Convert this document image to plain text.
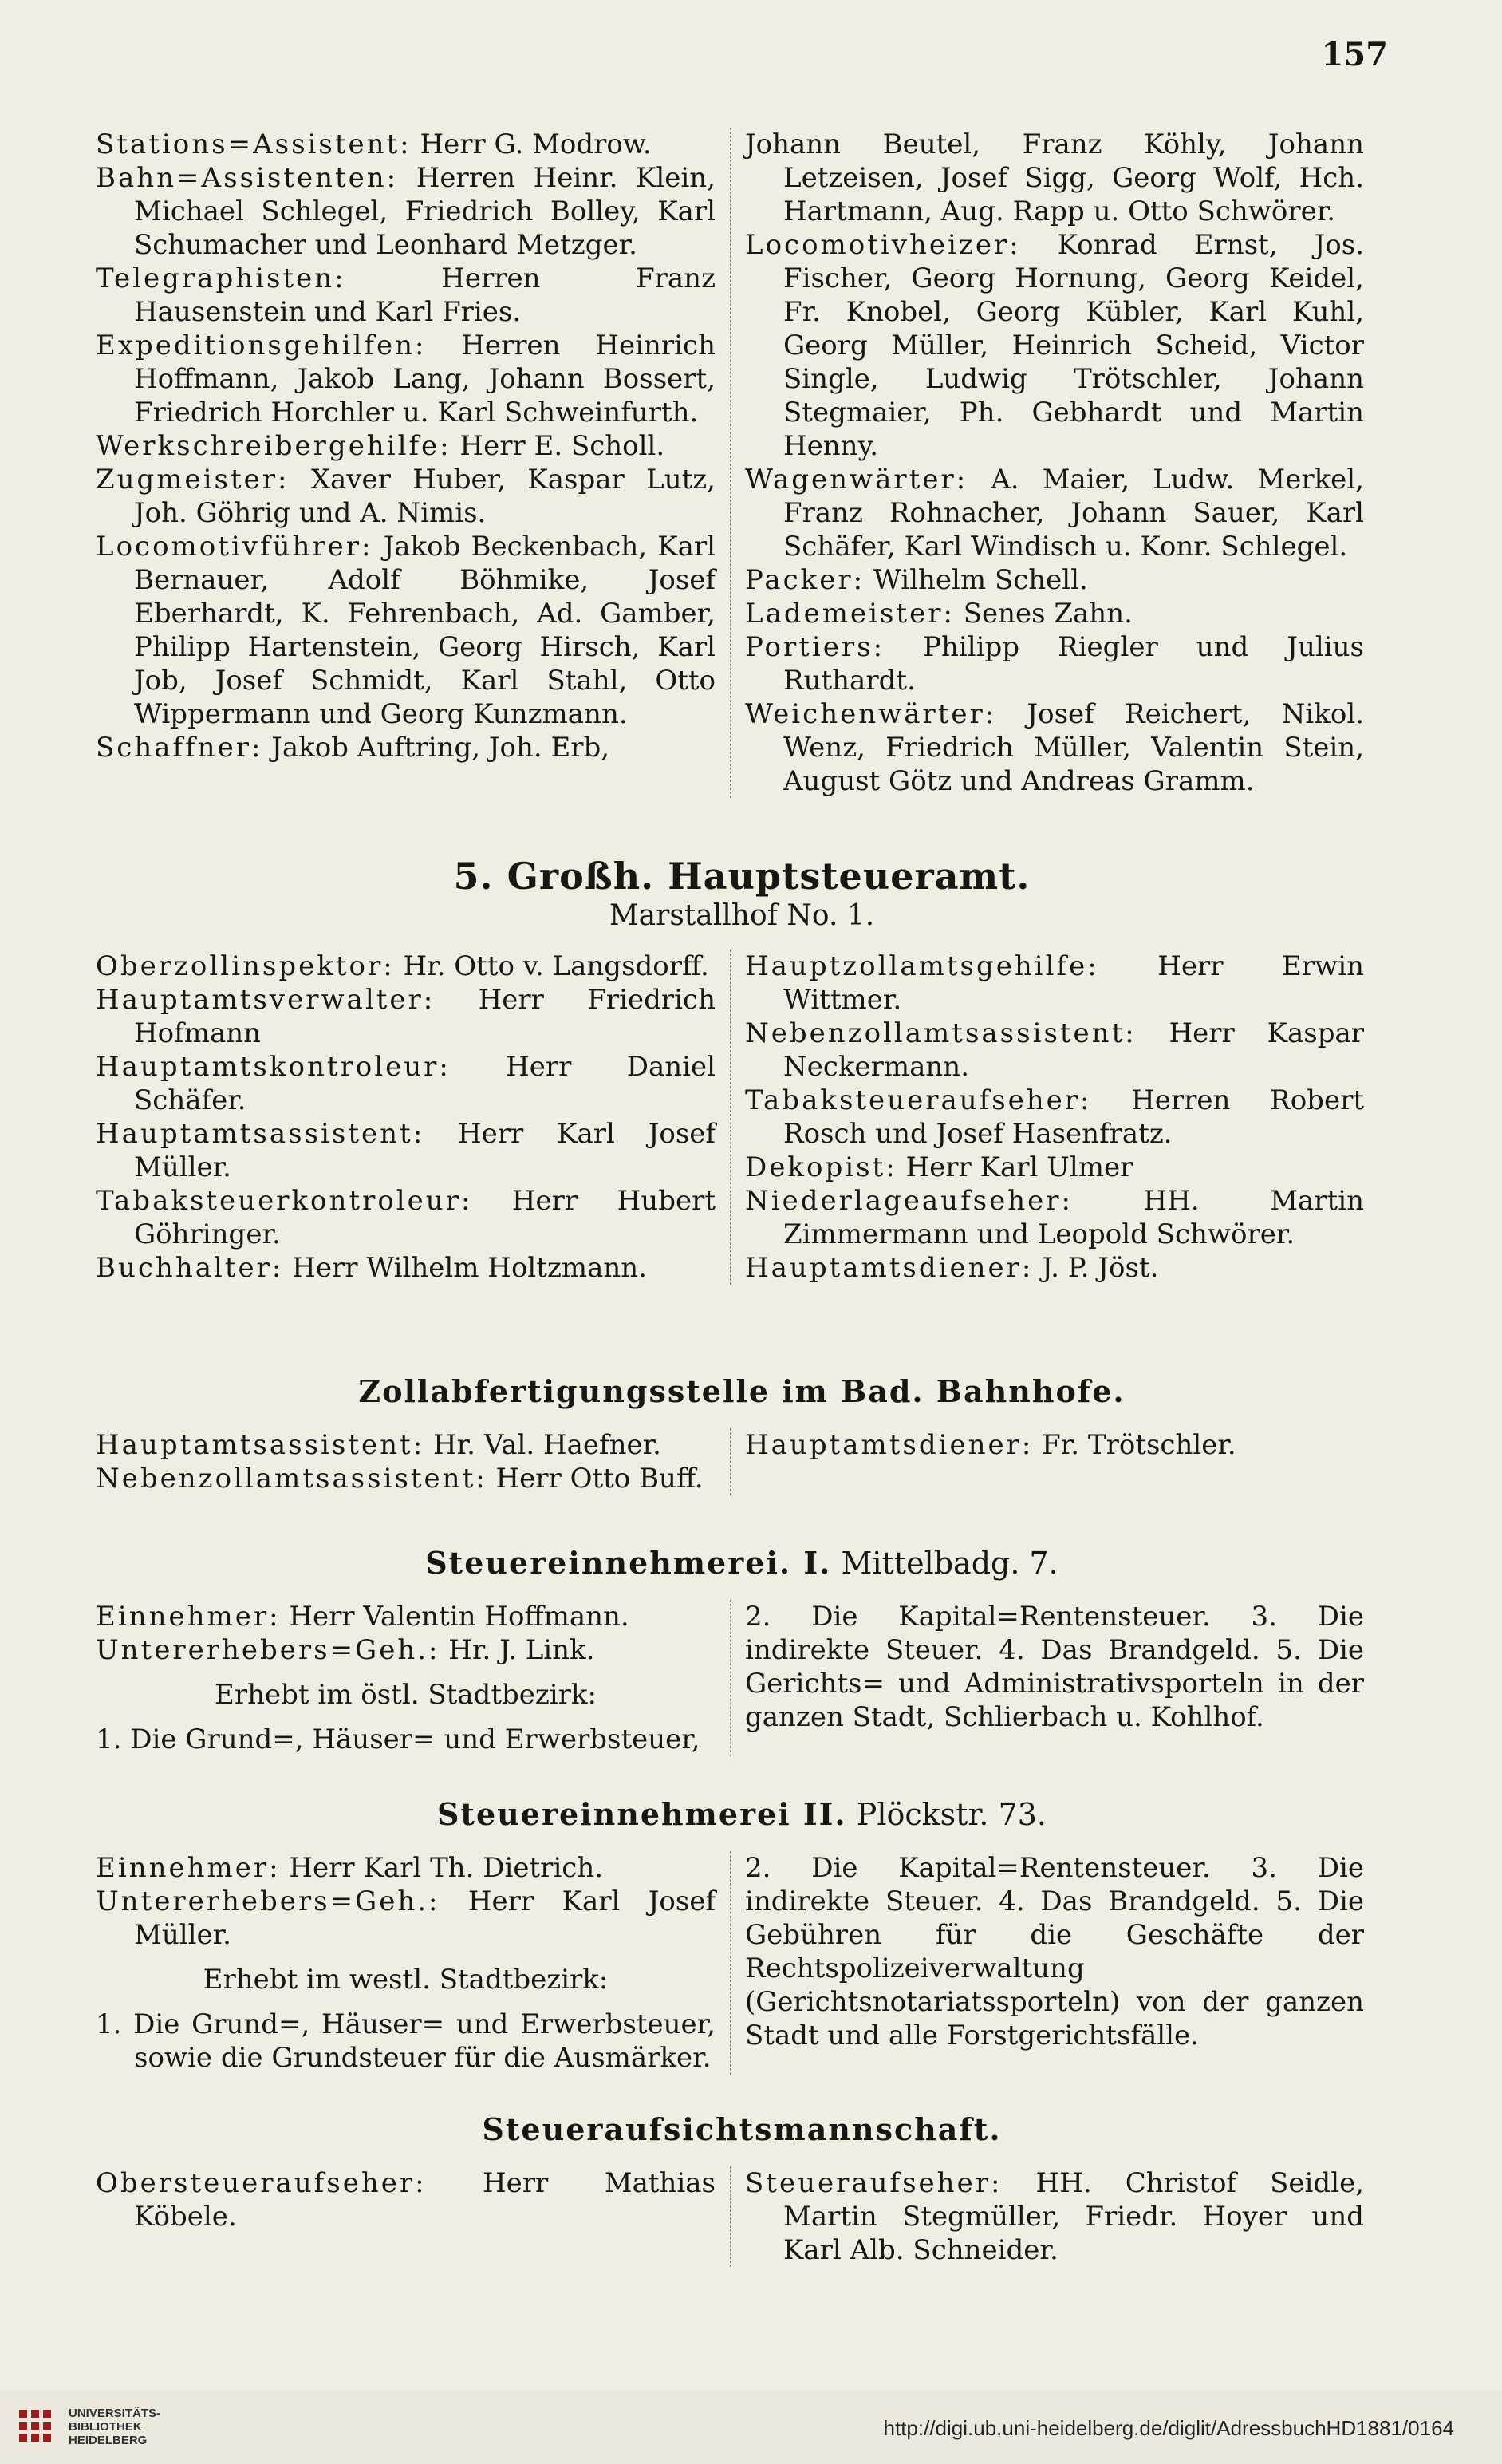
157

Stations=Assistent: Herr G. Modrow.

Bahn=Assistenten: Herren Heinr. Klein, Michael Schlegel, Friedrich Bolley, Karl Schumacher und Leonhard Metzger.

Telegraphisten: Herren Franz Hausenstein und Karl Fries.

Expeditionsgehilfen: Herren Heinrich Hoffmann, Jakob Lang, Johann Bossert, Friedrich Horchler u. Karl Schweinfurth.

Werkschreibergehilfe: Herr E. Scholl.

Zugmeister: Xaver Huber, Kaspar Lutz, Joh. Göhrig und A. Nimis.

Locomotivführer: Jakob Beckenbach, Karl Bernauer, Adolf Böhmike, Josef Eberhardt, K. Fehrenbach, Ad. Gamber, Philipp Hartenstein, Georg Hirsch, Karl Job, Josef Schmidt, Karl Stahl, Otto Wippermann und Georg Kunzmann.

Schaffner: Jakob Auftring, Joh. Erb,

Johann Beutel, Franz Köhly, Johann Letzeisen, Josef Sigg, Georg Wolf, Hch. Hartmann, Aug. Rapp u. Otto Schwörer.

Locomotivheizer: Konrad Ernst, Jos. Fischer, Georg Hornung, Georg Keidel, Fr. Knobel, Georg Kübler, Karl Kuhl, Georg Müller, Heinrich Scheid, Victor Single, Ludwig Trötschler, Johann Stegmaier, Ph. Gebhardt und Martin Henny.

Wagenwärter: A. Maier, Ludw. Merkel, Franz Rohnacher, Johann Sauer, Karl Schäfer, Karl Windisch u. Konr. Schlegel.

Packer: Wilhelm Schell.

Lademeister: Senes Zahn.

Portiers: Philipp Riegler und Julius Ruthardt.

Weichenwärter: Josef Reichert, Nikol. Wenz, Friedrich Müller, Valentin Stein, August Götz und Andreas Gramm.

5. Großh. Hauptsteueramt.
Marstallhof No. 1.

Oberzollinspektor: Hr. Otto v. Langsdorff.

Hauptamtsverwalter: Herr Friedrich Hofmann

Hauptamtskontroleur: Herr Daniel Schäfer.

Hauptamtsassistent: Herr Karl Josef Müller.

Tabaksteuerkontroleur: Herr Hubert Göhringer.

Buchhalter: Herr Wilhelm Holtzmann.

Hauptzollamtsgehilfe: Herr Erwin Wittmer.

Nebenzollamtsassistent: Herr Kaspar Neckermann.

Tabaksteueraufseher: Herren Robert Rosch und Josef Hasenfratz.

Dekopist: Herr Karl Ulmer

Niederlageaufseher: HH. Martin Zimmermann und Leopold Schwörer.

Hauptamtsdiener: J. P. Jöst.

Zollabfertigungsstelle im Bad. Bahnhofe.

Hauptamtsassistent: Hr. Val. Haefner.

Nebenzollamtsassistent: Herr Otto Buff.

Hauptamtsdiener: Fr. Trötschler.

Steuereinnehmerei. I. Mittelbadg. 7.

Einnehmer: Herr Valentin Hoffmann.

Untererhebers=Geh.: Hr. J. Link.

Erhebt im östl. Stadtbezirk:

1. Die Grund=, Häuser= und Erwerbsteuer,

2. Die Kapital=Rentensteuer. 3. Die indirekte Steuer. 4. Das Brandgeld. 5. Die Gerichts= und Administrativsporteln in der ganzen Stadt, Schlierbach u. Kohlhof.

Steuereinnehmerei II. Plöckstr. 73.

Einnehmer: Herr Karl Th. Dietrich.

Untererhebers=Geh.: Herr Karl Josef Müller.

Erhebt im westl. Stadtbezirk:

1. Die Grund=, Häuser= und Erwerbsteuer, sowie die Grundsteuer für die Ausmärker.

2. Die Kapital=Rentensteuer. 3. Die indirekte Steuer. 4. Das Brandgeld. 5. Die Gebühren für die Geschäfte der Rechtspolizeiverwaltung (Gerichtsnotariatssporteln) von der ganzen Stadt und alle Forstgerichtsfälle.

Steueraufsichtsmannschaft.

Obersteueraufseher: Herr Mathias Köbele.

Steueraufseher: HH. Christof Seidle, Martin Stegmüller, Friedr. Hoyer und Karl Alb. Schneider.

UNIVERSITÄTS-
BIBLIOTHEK
HEIDELBERG
http://digi.ub.uni-heidelberg.de/diglit/AdressbuchHD1881/0164
